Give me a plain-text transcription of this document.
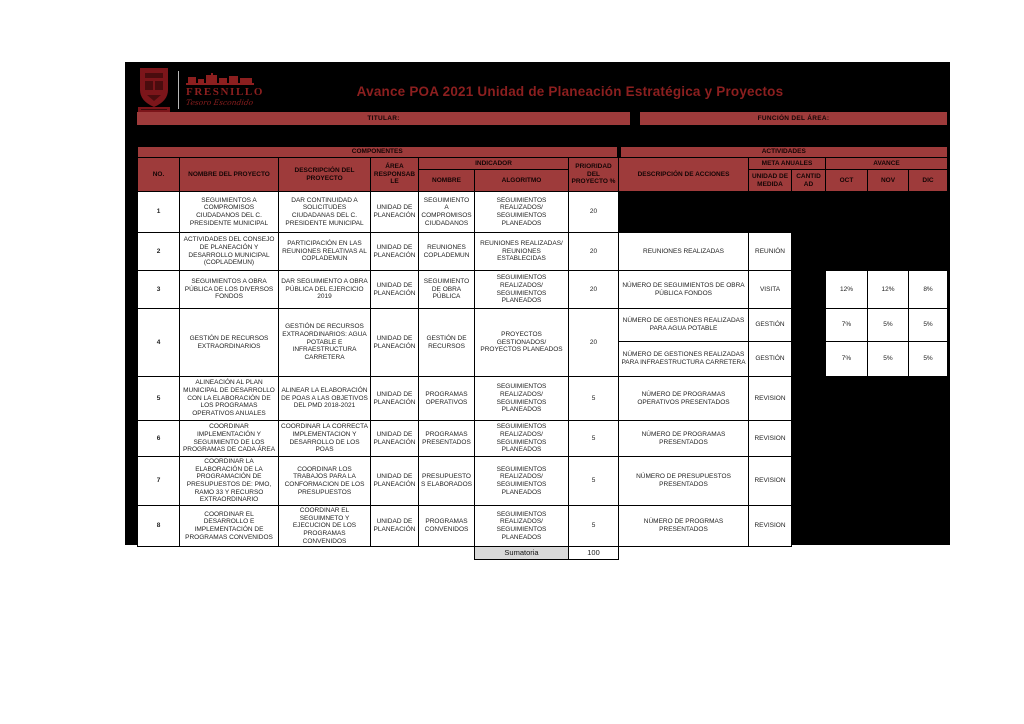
FRESNILLO
Tesoro Escondido
Avance POA 2021 Unidad de Planeación Estratégica y Proyectos
TITULAR:	FUNCIÓN DEL ÁREA:
COMPONENTES							ACTIVIDADES					
NO.	NOMBRE DEL PROYECTO	DESCRIPCIÓN DEL PROYECTO	ÁREA RESPONSABLE	INDICADOR		PRIORIDAD DEL PROYECTO %	DESCRIPCIÓN DE ACCIONES	META ANUALES		AVANCE		
				NOMBRE	ALGORITMO			UNIDAD DE MEDIDA	CANTIDAD	OCT	NOV	DIC
1	SEGUIMIENTOS A COMPROMISOS CIUDADANOS DEL C. PRESIDENTE MUNICIPAL	DAR CONTINUIDAD A SOLICITUDES CIUDADANAS DEL C. PRESIDENTE MUNICIPAL	UNIDAD DE PLANEACIÓN	SEGUIMIENTO A COMPROMISOS CIUDADANOS	SEGUIMIENTOS REALIZADOS/ SEGUIMIENTOS PLANEADOS	20						
2	ACTIVIDADES DEL CONSEJO DE PLANEACIÓN Y DESARROLLO MUNICIPAL (COPLADEMUN)	PARTICIPACIÓN EN LAS REUNIONES RELATIVAS AL COPLADEMUN	UNIDAD DE PLANEACIÓN	REUNIONES COPLADEMUN	REUNIONES REALIZADAS/ REUNIONES ESTABLECIDAS	20	REUNIONES REALIZADAS	REUNIÓN				
3	SEGUIMIENTOS A OBRA PÚBLICA DE LOS DIVERSOS FONDOS	DAR SEGUIMIENTO A OBRA PÚBLICA DEL EJERCICIO 2019	UNIDAD DE PLANEACIÓN	SEGUIMIENTO DE OBRA PÚBLICA	SEGUIMIENTOS REALIZADOS/ SEGUIMIENTOS PLANEADOS	20	NÚMERO DE SEGUIMIENTOS DE OBRA PÚBLICA FONDOS	VISITA		12%	12%	8%
4	GESTIÓN DE RECURSOS EXTRAORDINARIOS	GESTIÓN DE RECURSOS EXTRAORDINARIOS: AGUA POTABLE E INFRAESTRUCTURA CARRETERA	UNIDAD DE PLANEACIÓN	GESTIÓN DE RECURSOS	PROYECTOS GESTIONADOS/ PROYECTOS PLANEADOS	20	NÚMERO DE GESTIONES REALIZADAS PARA AGUA POTABLE	GESTIÓN		7%	5%	5%
							NÚMERO DE GESTIONES REALIZADAS PARA INFRAESTRUCTURA CARRETERA	GESTIÓN		7%	5%	5%
5	ALINEACIÓN AL PLAN MUNICIPAL DE DESARROLLO CON LA ELABORACIÓN DE LOS PROGRAMAS OPERATIVOS ANUALES	ALINEAR LA ELABORACIÓN DE POAS A LAS OBJETIVOS DEL PMD 2018-2021	UNIDAD DE PLANEACIÓN	PROGRAMAS OPERATIVOS	SEGUIMIENTOS REALIZADOS/ SEGUIMIENTOS PLANEADOS	5	NÚMERO DE PROGRAMAS OPERATIVOS PRESENTADOS	REVISION				
6	COORDINAR IMPLEMENTACIÓN Y SEGUIMIENTO DE LOS PROGRAMAS DE CADA ÁREA	COORDINAR LA CORRECTA IMPLEMENTACION Y DESARROLLO DE LOS POAS	UNIDAD DE PLANEACIÓN	PROGRAMAS PRESENTADOS	SEGUIMIENTOS REALIZADOS/ SEGUIMIENTOS PLANEADOS	5	NÚMERO DE PROGRAMAS PRESENTADOS	REVISION				
7	COORDINAR LA ELABORACIÓN DE LA PROGRAMACIÓN DE PRESUPUESTOS DE: PMO, RAMO 33 Y RECURSO EXTRAORDINARIO	COORDINAR LOS TRABAJOS PARA LA CONFORMACION DE LOS PRESUPUESTOS	UNIDAD DE PLANEACIÓN	PRESUPUESTOS ELABORADOS	SEGUIMIENTOS REALIZADOS/ SEGUIMIENTOS PLANEADOS	5	NÚMERO DE PRESUPUESTOS PRESENTADOS	REVISION				
8	COORDINAR EL DESARROLLO E IMPLEMENTACIÓN DE PROGRAMAS CONVENIDOS	COORDINAR EL SEGUIMNETO Y EJECUCION DE LOS PROGRAMAS CONVENIDOS	UNIDAD DE PLANEACIÓN	PROGRAMAS CONVENIDOS	SEGUIMIENTOS REALIZADOS/ SEGUIMIENTOS PLANEADOS	5	NÚMERO DE PROGRMAS PRESENTADOS	REVISION				
					Sumatoria	100						
